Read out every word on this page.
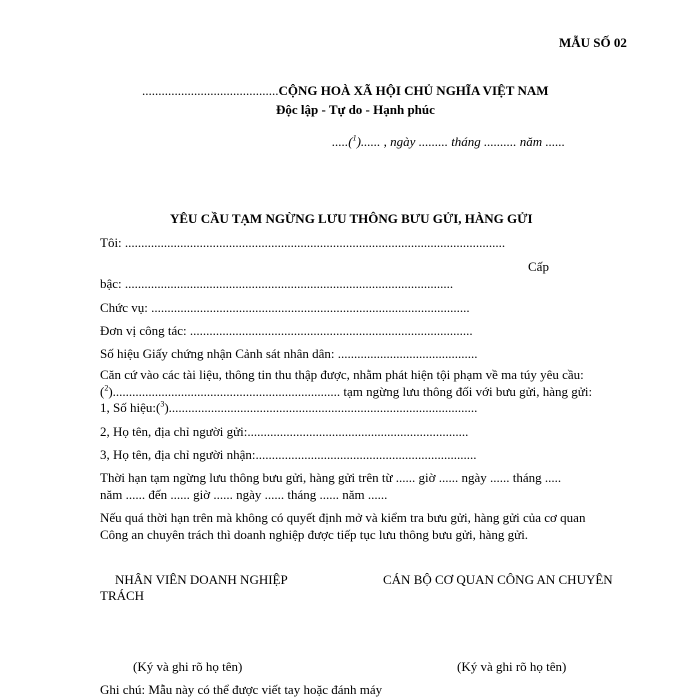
MẪU SỐ 02
..........................................CỘNG HOÀ XÃ HỘI CHỦ NGHĨA VIỆT NAM
Độc lập - Tự do - Hạnh phúc
.....($^1$)...... , ngày ......... tháng .......... năm ......
YÊU CẦU TẠM NGỪNG LƯU THÔNG BƯU GỬI, HÀNG GỬI
Tôi: .....................................................................................................................
Cấp
bậc: .....................................................................................................
Chức vụ: ..................................................................................................
Đơn vị công tác: .......................................................................................
Số hiệu Giấy chứng nhận Cảnh sát nhân dân: ...........................................
Căn cứ vào các tài liệu, thông tin thu thập được, nhằm phát hiện tội phạm về ma túy yêu cầu:
($^2$)...................................................................... tạm ngừng lưu thông đối với bưu gửi, hàng gửi:
1, Số hiệu:($^3$)...............................................................................................
2, Họ tên, địa chỉ người gửi:....................................................................
3, Họ tên, địa chỉ người nhận:....................................................................
Thời hạn tạm ngừng lưu thông bưu gửi, hàng gửi trên từ ...... giờ ...... ngày ...... tháng .....
năm ...... đến ...... giờ ...... ngày ...... tháng ...... năm ......
Nếu quá thời hạn trên mà không có quyết định mở và kiểm tra bưu gửi, hàng gửi của cơ quan
Công an chuyên trách thì doanh nghiệp được tiếp tục lưu thông bưu gửi, hàng gửi.
NHÂN VIÊN DOANH NGHIỆP	CÁN BỘ CƠ QUAN CÔNG AN CHUYÊN
TRÁCH
(Ký và ghi rõ họ tên)	(Ký và ghi rõ họ tên)
Ghi chú: Mẫu này có thể được viết tay hoặc đánh máy
